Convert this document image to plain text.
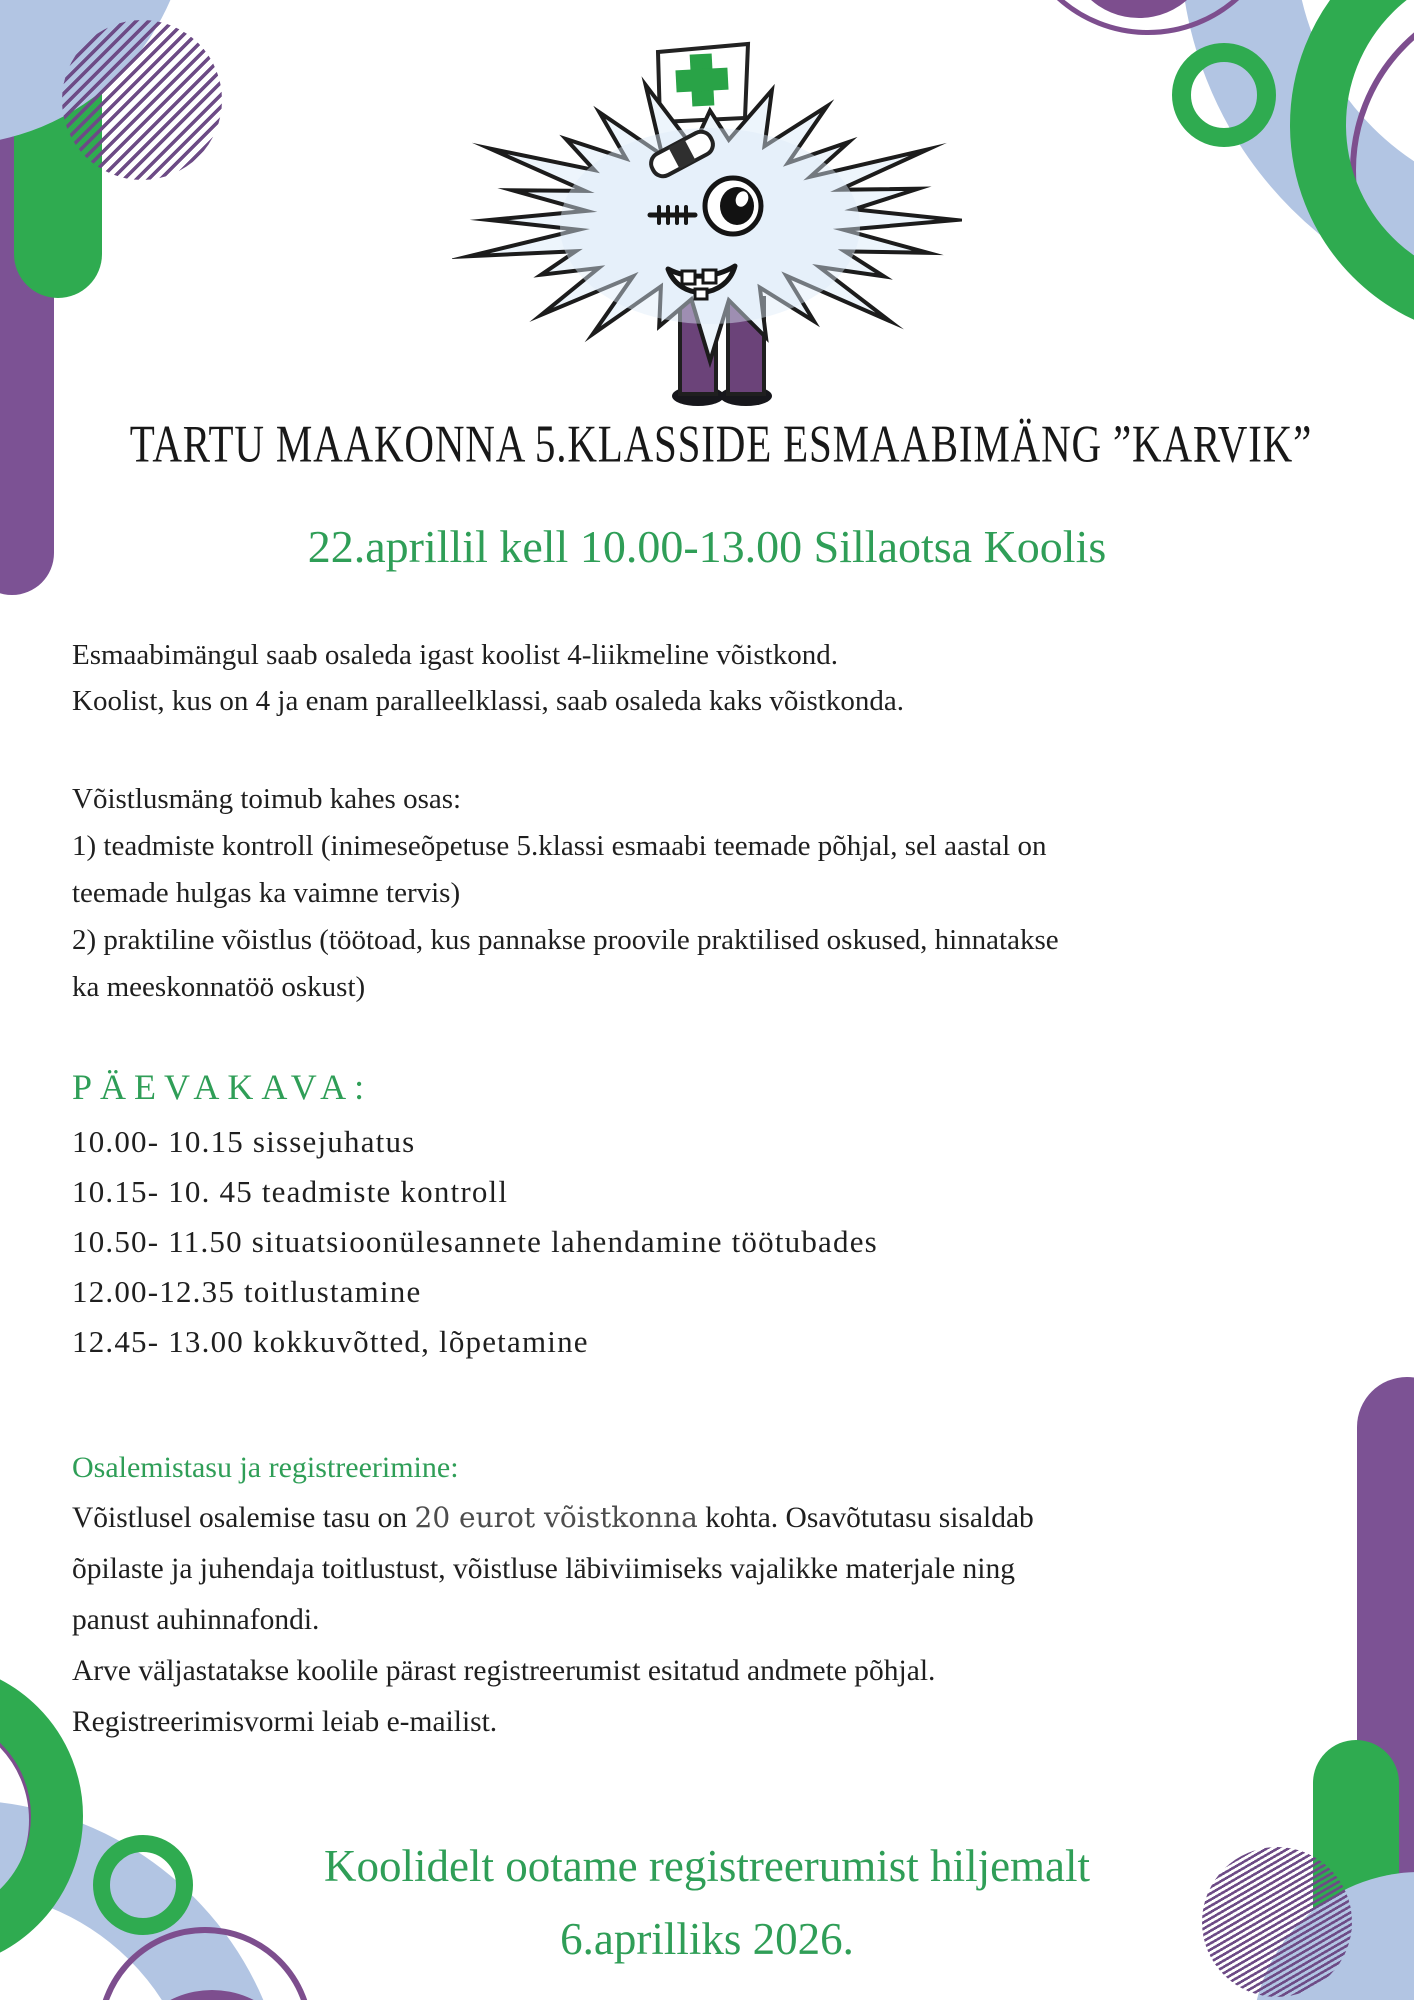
TARTU MAAKONNA 5.KLASSIDE ESMAABIMÄNG ”KARVIK”
22.aprillil kell 10.00-13.00 Sillaotsa Koolis
Esmaabimängul saab osaleda igast koolist 4-liikmeline võistkond.
Koolist, kus on 4 ja enam paralleelklassi, saab osaleda kaks võistkonda.
Võistlusmäng toimub kahes osas:
1) teadmiste kontroll (inimeseõpetuse 5.klassi esmaabi teemade põhjal, sel aastal on
teemade hulgas ka vaimne tervis)
2) praktiline võistlus (töötoad, kus pannakse proovile praktilised oskused, hinnatakse
ka meeskonnatöö oskust)
PÄEVAKAVA:
10.00- 10.15 sissejuhatus
10.15- 10. 45 teadmiste kontroll
10.50- 11.50 situatsioonülesannete lahendamine töötubades
12.00-12.35 toitlustamine
12.45- 13.00 kokkuvõtted, lõpetamine
Osalemistasu ja registreerimine:
Võistlusel osalemise tasu on 20 eurot võistkonna kohta. Osavõtutasu sisaldab
õpilaste ja juhendaja toitlustust, võistluse läbiviimiseks vajalikke materjale ning
panust auhinnafondi.
Arve väljastatakse koolile pärast registreerumist esitatud andmete põhjal.
Registreerimisvormi leiab e-mailist.
Koolidelt ootame registreerumist hiljemalt
6.aprilliks 2026.
